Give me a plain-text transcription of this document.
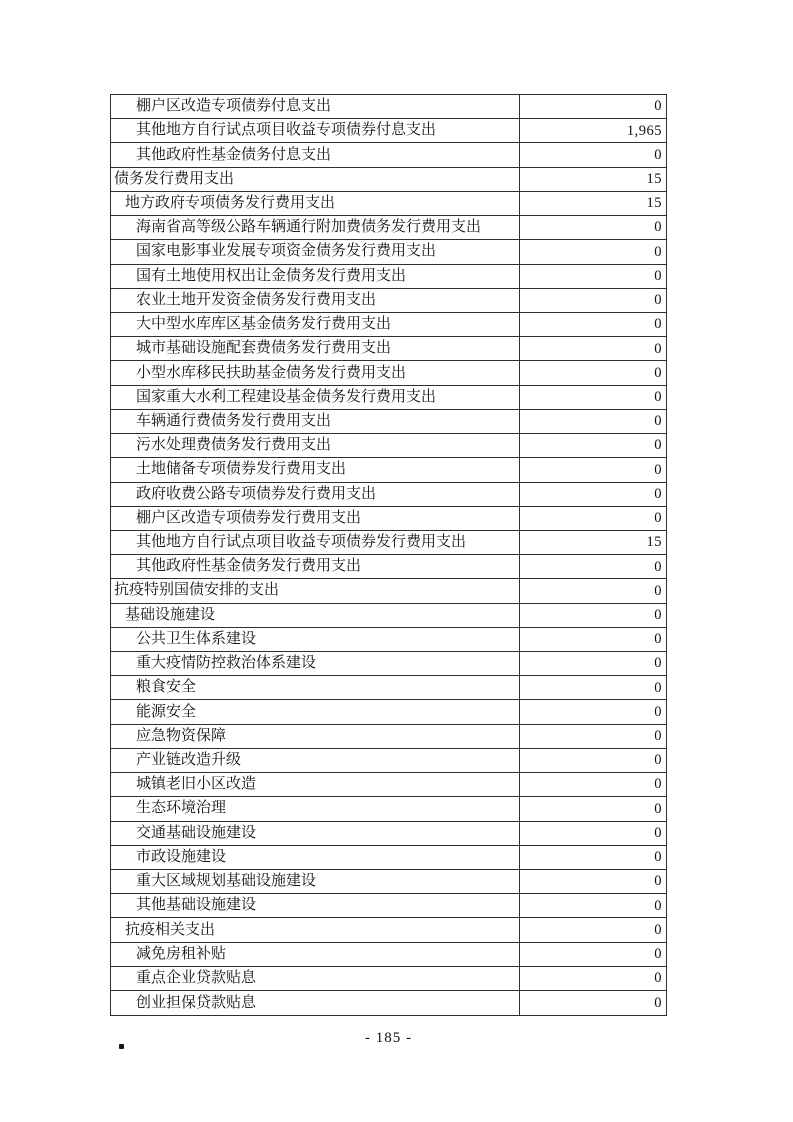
棚户区改造专项债券付息支出	0
其他地方自行试点项目收益专项债券付息支出	1,965
其他政府性基金债务付息支出	0
债务发行费用支出	15
地方政府专项债务发行费用支出	15
海南省高等级公路车辆通行附加费债务发行费用支出	0
国家电影事业发展专项资金债务发行费用支出	0
国有土地使用权出让金债务发行费用支出	0
农业土地开发资金债务发行费用支出	0
大中型水库库区基金债务发行费用支出	0
城市基础设施配套费债务发行费用支出	0
小型水库移民扶助基金债务发行费用支出	0
国家重大水利工程建设基金债务发行费用支出	0
车辆通行费债务发行费用支出	0
污水处理费债务发行费用支出	0
土地储备专项债券发行费用支出	0
政府收费公路专项债券发行费用支出	0
棚户区改造专项债券发行费用支出	0
其他地方自行试点项目收益专项债券发行费用支出	15
其他政府性基金债务发行费用支出	0
抗疫特别国债安排的支出	0
基础设施建设	0
公共卫生体系建设	0
重大疫情防控救治体系建设	0
粮食安全	0
能源安全	0
应急物资保障	0
产业链改造升级	0
城镇老旧小区改造	0
生态环境治理	0
交通基础设施建设	0
市政设施建设	0
重大区域规划基础设施建设	0
其他基础设施建设	0
抗疫相关支出	0
减免房租补贴	0
重点企业贷款贴息	0
创业担保贷款贴息	0
- 185 -
